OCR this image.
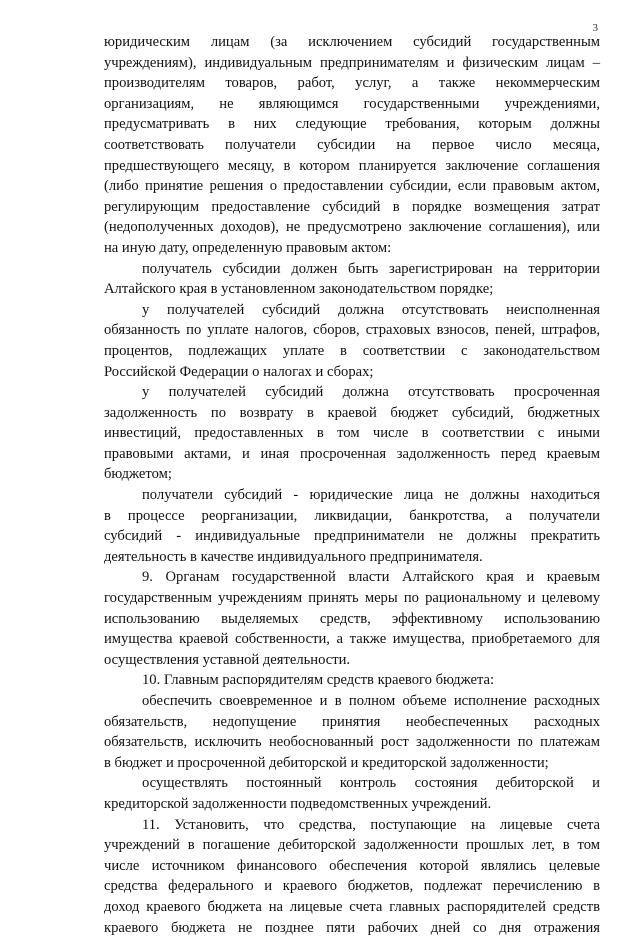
3
юридическим лицам (за исключением субсидий государственным
учреждениям), индивидуальным предпринимателям и физическим лицам –
производителям товаров, работ, услуг, а также некоммерческим
организациям, не являющимся государственными учреждениями,
предусматривать в них следующие требования, которым должны
соответствовать получатели субсидии на первое число месяца,
предшествующего месяцу, в котором планируется заключение соглашения
(либо принятие решения о предоставлении субсидии, если правовым актом,
регулирующим предоставление субсидий в порядке возмещения затрат
(недополученных доходов), не предусмотрено заключение соглашения), или
на иную дату, определенную правовым актом:
получатель субсидии должен быть зарегистрирован на территории
Алтайского края в установленном законодательством порядке;
у получателей субсидий должна отсутствовать неисполненная
обязанность по уплате налогов, сборов, страховых взносов, пеней, штрафов,
процентов, подлежащих уплате в соответствии с законодательством
Российской Федерации о налогах и сборах;
у получателей субсидий должна отсутствовать просроченная
задолженность по возврату в краевой бюджет субсидий, бюджетных
инвестиций, предоставленных в том числе в соответствии с иными
правовыми актами, и иная просроченная задолженность перед краевым
бюджетом;
получатели субсидий - юридические лица не должны находиться
в процессе реорганизации, ликвидации, банкротства, а получатели
субсидий - индивидуальные предприниматели не должны прекратить
деятельность в качестве индивидуального предпринимателя.
9. Органам государственной власти Алтайского края и краевым
государственным учреждениям принять меры по рациональному и целевому
использованию выделяемых средств, эффективному использованию
имущества краевой собственности, а также имущества, приобретаемого для
осуществления уставной деятельности.
10. Главным распорядителям средств краевого бюджета:
обеспечить своевременное и в полном объеме исполнение расходных
обязательств, недопущение принятия необеспеченных расходных
обязательств, исключить необоснованный рост задолженности по платежам
в бюджет и просроченной дебиторской и кредиторской задолженности;
осуществлять постоянный контроль состояния дебиторской и
кредиторской задолженности подведомственных учреждений.
11. Установить, что средства, поступающие на лицевые счета
учреждений в погашение дебиторской задолженности прошлых лет, в том
числе источником финансового обеспечения которой являлись целевые
средства федерального и краевого бюджетов, подлежат перечислению в
доход краевого бюджета на лицевые счета главных распорядителей средств
краевого бюджета не позднее пяти рабочих дней со дня отражения
